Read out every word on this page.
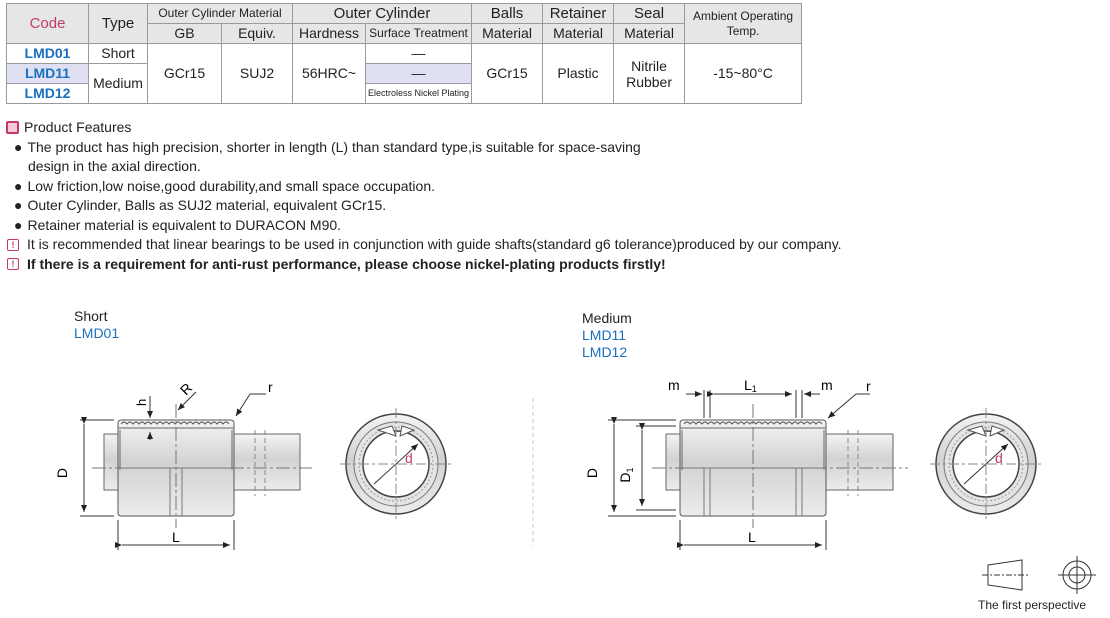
Code	Type	Outer Cylinder Material		Outer Cylinder		Balls	Retainer	Seal	Ambient Operating Temp.
		GB	Equiv.	Hardness	Surface Treatment	Material	Material	Material	
LMD01	Short	GCr15	SUJ2	56HRC~	—	GCr15	Plastic	Nitrile Rubber	-15~80°C
LMD11	Medium				—				
LMD12					Electroless Nickel Plating				

Product Features

● The product has high precision, shorter in length (L) than standard type,is suitable for space-saving

design in the axial direction.

● Low friction,low noise,good durability,and small space occupation.

● Outer Cylinder, Balls as SUJ2 material, equivalent GCr15.

● Retainer material is equivalent to DURACON M90.

! It is recommended that linear bearings to be used in conjunction with guide shafts(standard g6 tolerance)produced by our company.

! If there is a requirement for anti-rust performance, please choose nickel-plating products firstly!

Short
LMD01
Medium
LMD11
LMD12
D
L
h
R	r
d
D $D_1$
L
m	L1	m r
d
The first perspective
